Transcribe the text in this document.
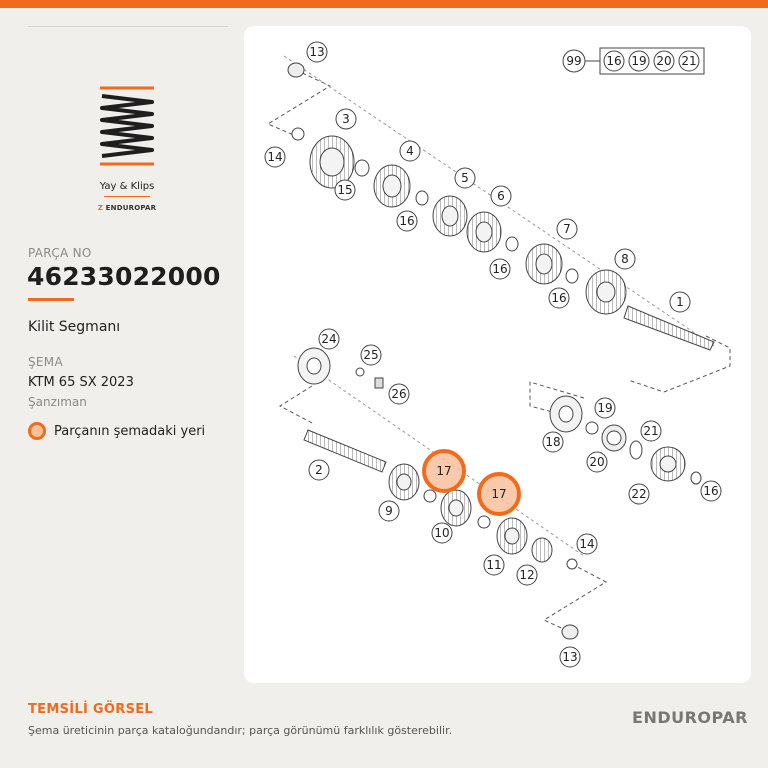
Yay & Klips
Z ENDUROPAR
PARÇA NO
46233022000
Kilit Segmanı
ŞEMA
KTM 65 SX 2023
Şanzıman
Parçanın şemadaki yeri
99 16 19 20 21
13
3
4
14
15
5
6
16
7
8
16
16	1
24
25
26
19
18
21
20
2
16
22
9
10
11
12
14
13
17
17
TEMSİLİ GÖRSEL
Şema üreticinin parça kataloğundandır; parça görünümü farklılık gösterebilir.
ENDUROPAR
